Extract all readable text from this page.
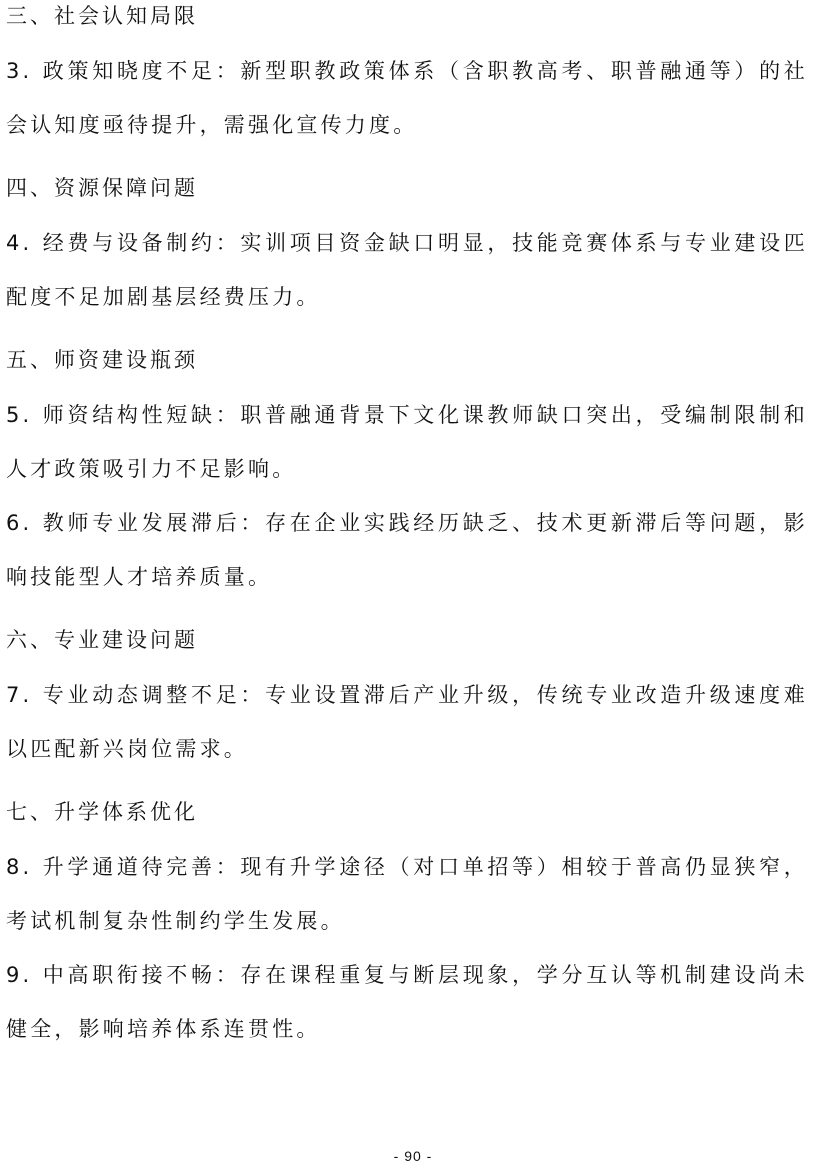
三、社会认知局限

3. 政策知晓度不足：新型职教政策体系（含职教高考、职普融通等）的社会认知度亟待提升，需强化宣传力度。

四、资源保障问题

4. 经费与设备制约：实训项目资金缺口明显，技能竞赛体系与专业建设匹配度不足加剧基层经费压力。

五、师资建设瓶颈

5. 师资结构性短缺：职普融通背景下文化课教师缺口突出，受编制限制和人才政策吸引力不足影响。

6. 教师专业发展滞后：存在企业实践经历缺乏、技术更新滞后等问题，影响技能型人才培养质量。

六、专业建设问题

7. 专业动态调整不足：专业设置滞后产业升级，传统专业改造升级速度难以匹配新兴岗位需求。

七、升学体系优化

8. 升学通道待完善：现有升学途径（对口单招等）相较于普高仍显狭窄，考试机制复杂性制约学生发展。

9. 中高职衔接不畅：存在课程重复与断层现象，学分互认等机制建设尚未健全，影响培养体系连贯性。

- 90 -
